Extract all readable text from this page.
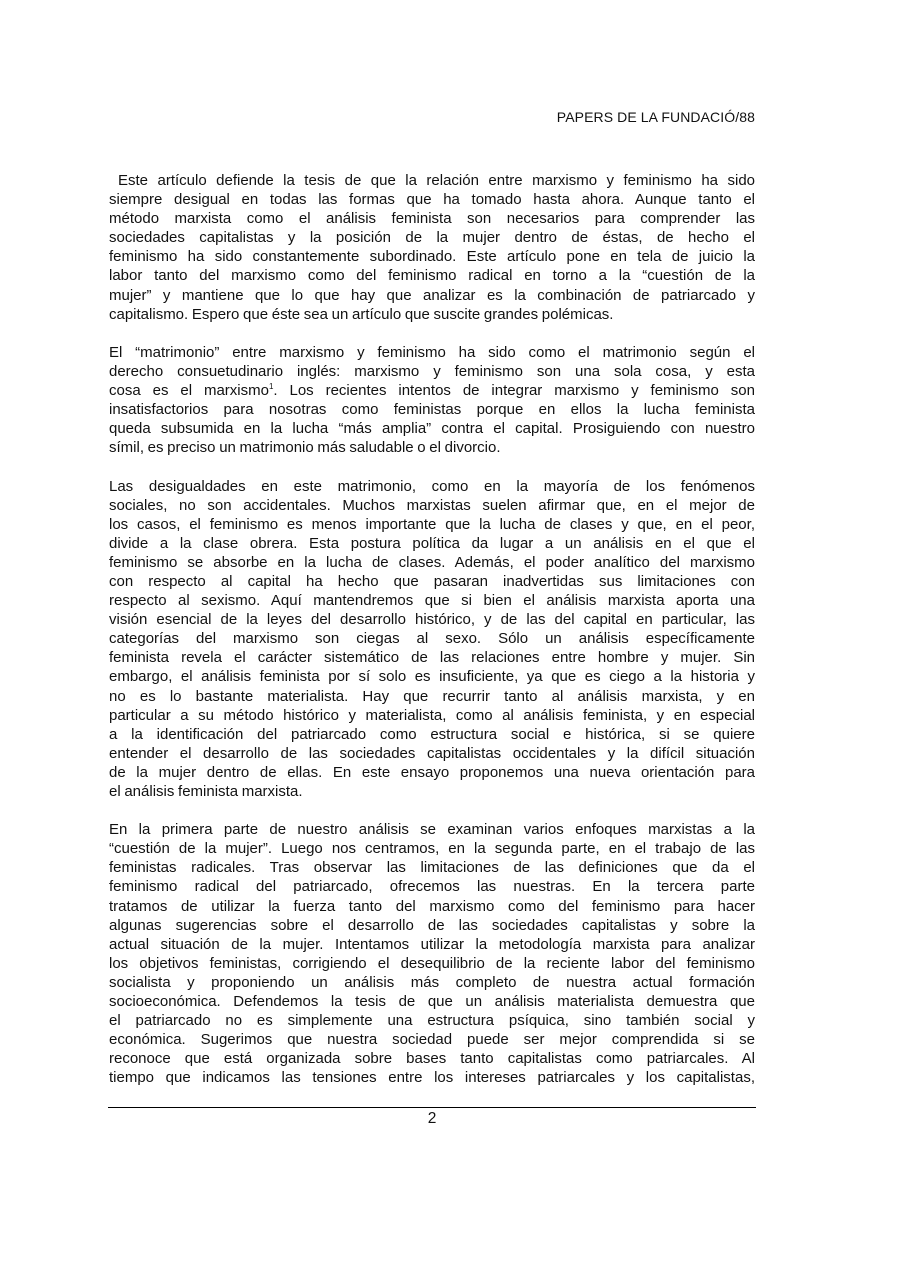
PAPERS DE LA FUNDACIÓ/88
Este artículo defiende la tesis de que la relación entre marxismo y feminismo ha sido
siempre desigual en todas las formas que ha tomado hasta ahora. Aunque tanto el
método marxista como el análisis feminista son necesarios para comprender las
sociedades capitalistas y la posición de la mujer dentro de éstas, de hecho el
feminismo ha sido constantemente subordinado. Este artículo pone en tela de juicio la
labor tanto del marxismo como del feminismo radical en torno a la “cuestión de la
mujer” y mantiene que lo que hay que analizar es la combinación de patriarcado y
capitalismo. Espero que éste sea un artículo que suscite grandes polémicas.
El “matrimonio” entre marxismo y feminismo ha sido como el matrimonio según el
derecho consuetudinario inglés: marxismo y feminismo son una sola cosa, y esta
cosa es el marxismo$^1$. Los recientes intentos de integrar marxismo y feminismo son
insatisfactorios para nosotras como feministas porque en ellos la lucha feminista
queda subsumida en la lucha “más amplia” contra el capital. Prosiguiendo con nuestro
símil, es preciso un matrimonio más saludable o el divorcio.
Las desigualdades en este matrimonio, como en la mayoría de los fenómenos
sociales, no son accidentales. Muchos marxistas suelen afirmar que, en el mejor de
los casos, el feminismo es menos importante que la lucha de clases y que, en el peor,
divide a la clase obrera. Esta postura política da lugar a un análisis en el que el
feminismo se absorbe en la lucha de clases. Además, el poder analítico del marxismo
con respecto al capital ha hecho que pasaran inadvertidas sus limitaciones con
respecto al sexismo. Aquí mantendremos que si bien el análisis marxista aporta una
visión esencial de la leyes del desarrollo histórico, y de las del capital en particular, las
categorías del marxismo son ciegas al sexo. Sólo un análisis específicamente
feminista revela el carácter sistemático de las relaciones entre hombre y mujer. Sin
embargo, el análisis feminista por sí solo es insuficiente, ya que es ciego a la historia y
no es lo bastante materialista. Hay que recurrir tanto al análisis marxista, y en
particular a su método histórico y materialista, como al análisis feminista, y en especial
a la identificación del patriarcado como estructura social e histórica, si se quiere
entender el desarrollo de las sociedades capitalistas occidentales y la difícil situación
de la mujer dentro de ellas. En este ensayo proponemos una nueva orientación para
el análisis feminista marxista.
En la primera parte de nuestro análisis se examinan varios enfoques marxistas a la
“cuestión de la mujer”. Luego nos centramos, en la segunda parte, en el trabajo de las
feministas radicales. Tras observar las limitaciones de las definiciones que da el
feminismo radical del patriarcado, ofrecemos las nuestras. En la tercera parte
tratamos de utilizar la fuerza tanto del marxismo como del feminismo para hacer
algunas sugerencias sobre el desarrollo de las sociedades capitalistas y sobre la
actual situación de la mujer. Intentamos utilizar la metodología marxista para analizar
los objetivos feministas, corrigiendo el desequilibrio de la reciente labor del feminismo
socialista y proponiendo un análisis más completo de nuestra actual formación
socioeconómica. Defendemos la tesis de que un análisis materialista demuestra que
el patriarcado no es simplemente una estructura psíquica, sino también social y
económica. Sugerimos que nuestra sociedad puede ser mejor comprendida si se
reconoce que está organizada sobre bases tanto capitalistas como patriarcales. Al
tiempo que indicamos las tensiones entre los intereses patriarcales y los capitalistas,
2
